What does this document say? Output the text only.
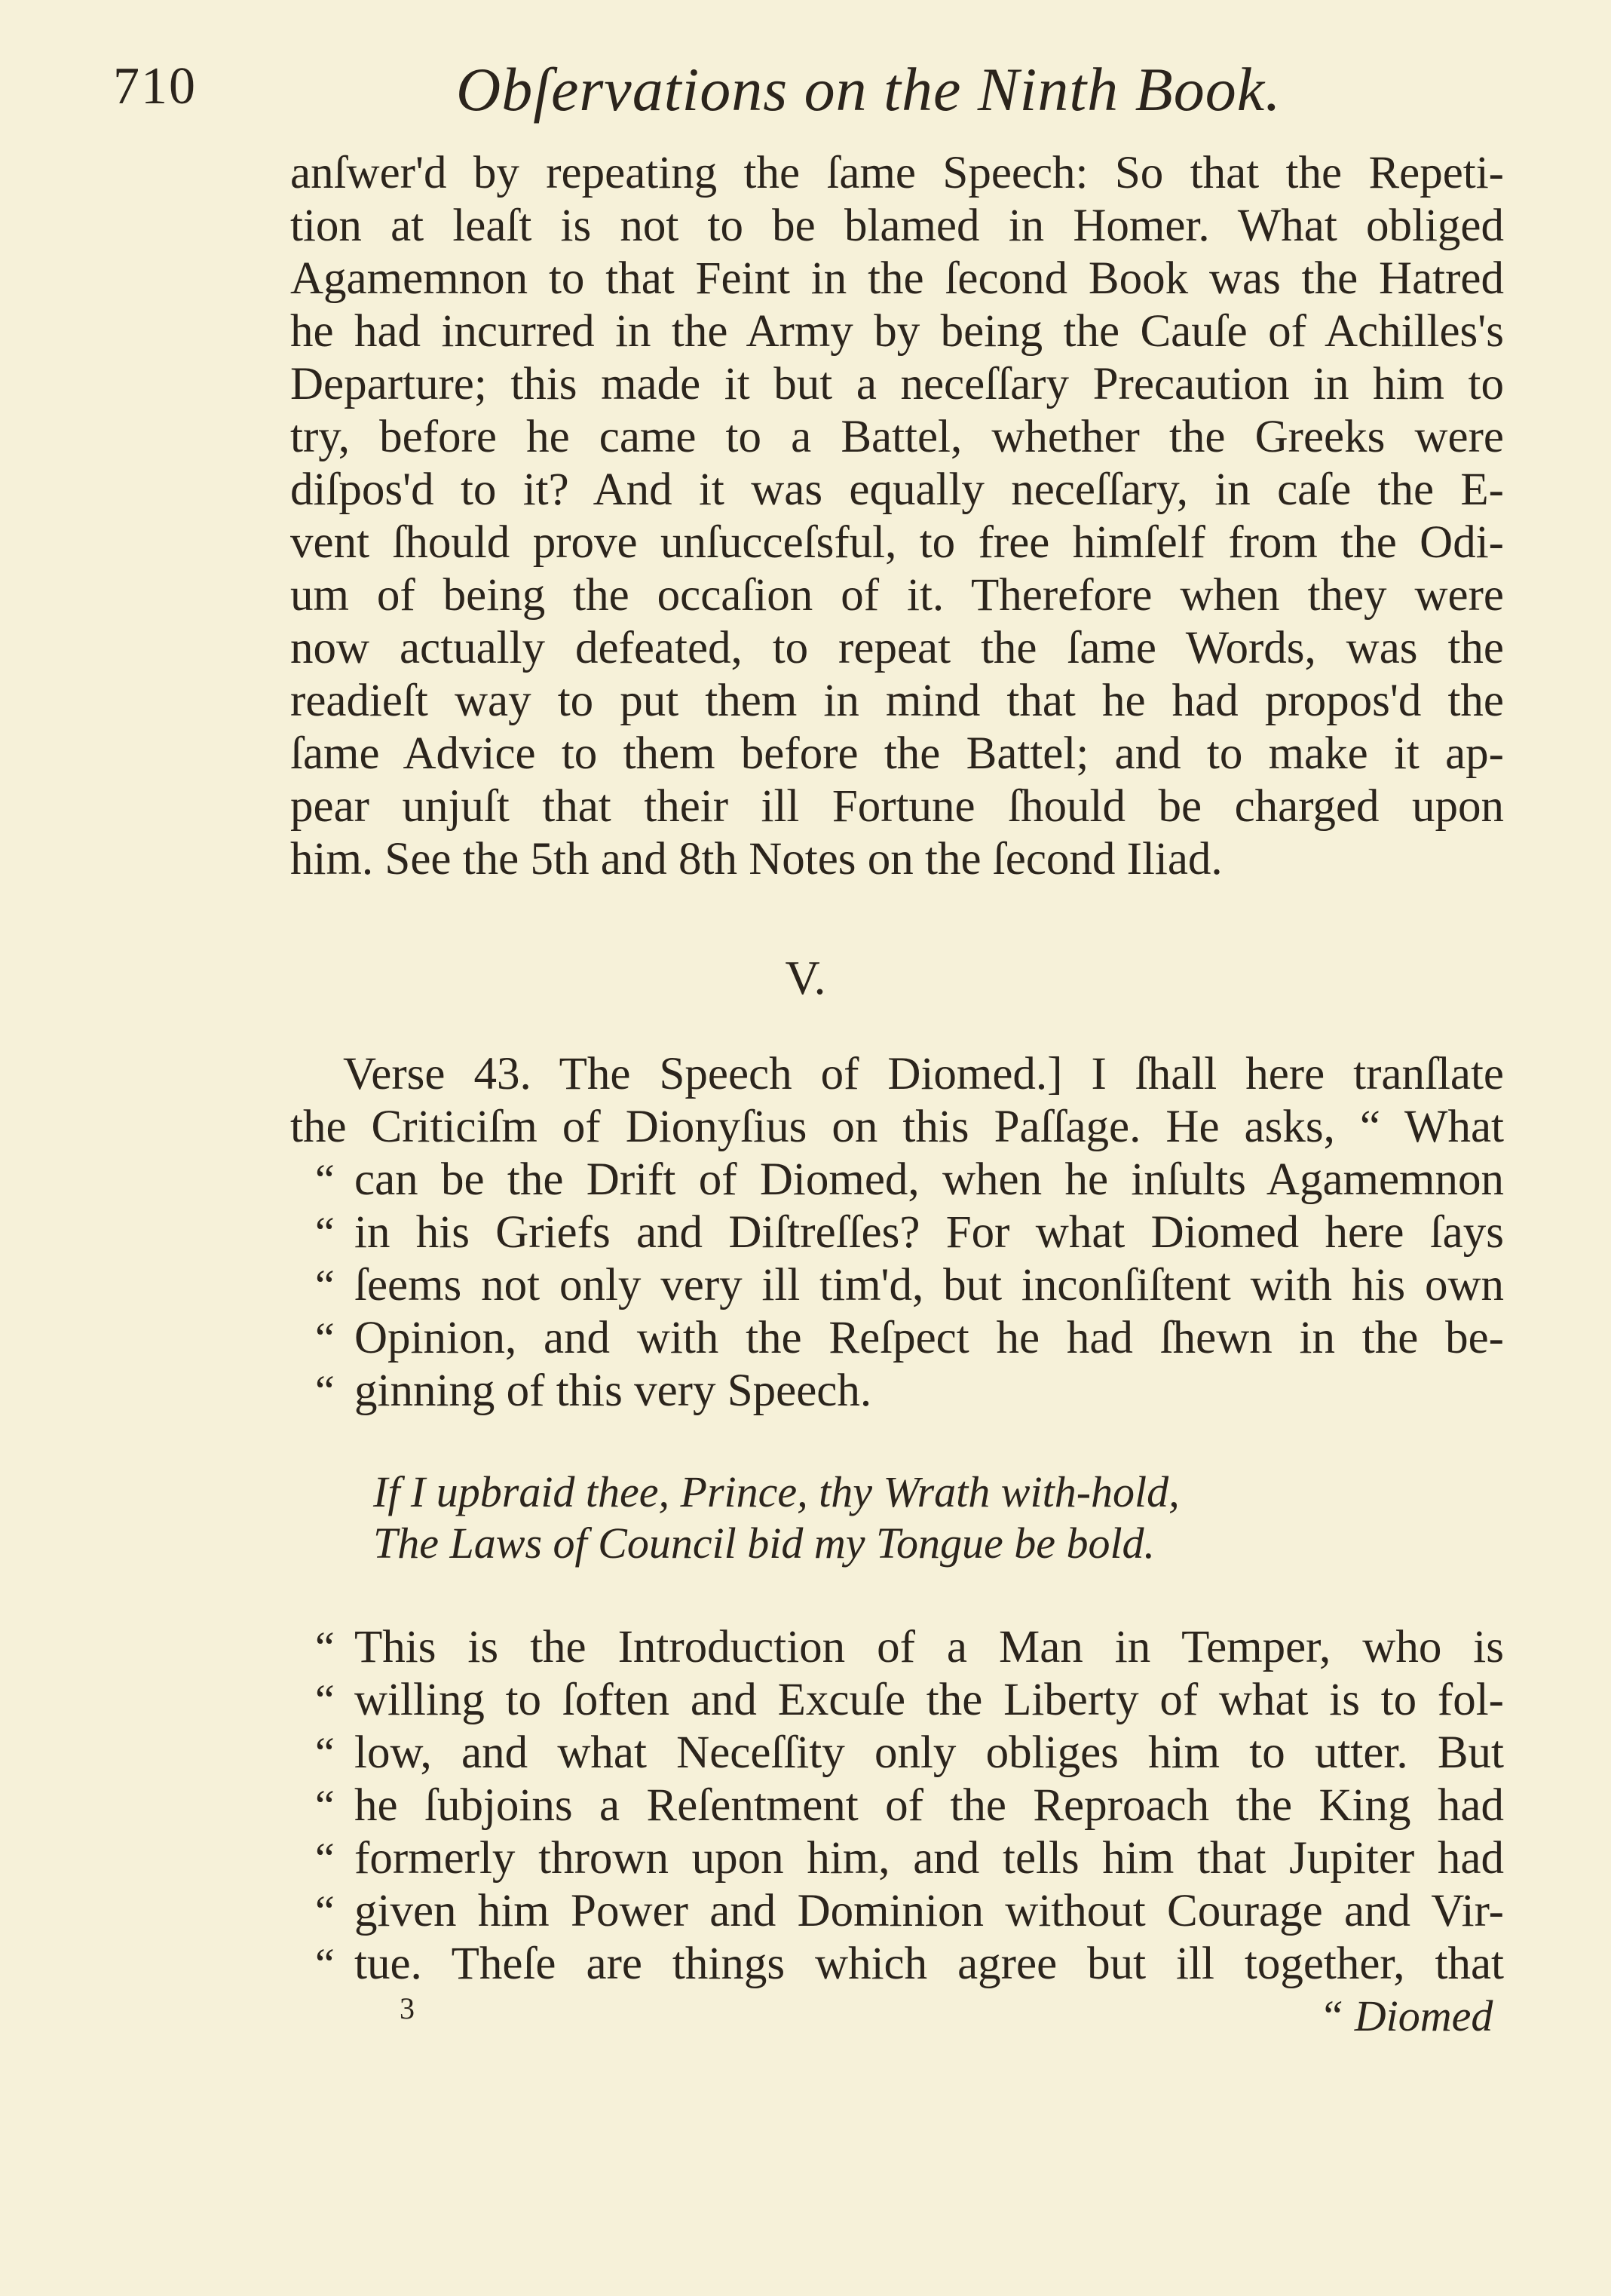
710	Obſervations on the Ninth Book.
anſwer'd by repeating the ſame Speech: So that the Repeti-
tion at leaſt is not to be blamed in Homer. What obliged
Agamemnon to that Feint in the ſecond Book was the Hatred
he had incurred in the Army by being the Cauſe of Achilles's
Departure; this made it but a neceſſary Precaution in him to
try, before he came to a Battel, whether the Greeks were
diſpos'd to it? And it was equally neceſſary, in caſe the E-
vent ſhould prove unſucceſsful, to free himſelf from the Odi-
um of being the occaſion of it. Therefore when they were
now actually defeated, to repeat the ſame Words, was the
readieſt way to put them in mind that he had propos'd the
ſame Advice to them before the Battel; and to make it ap-
pear unjuſt that their ill Fortune ſhould be charged upon
him. See the 5th and 8th Notes on the ſecond Iliad.
V.
Verse 43. The Speech of Diomed.] I ſhall here tranſlate
the Criticiſm of Dionyſius on this Paſſage. He asks, “ What
“ can be the Drift of Diomed, when he inſults Agamemnon
“ in his Griefs and Diſtreſſes? For what Diomed here ſays
“ ſeems not only very ill tim'd, but inconſiſtent with his own
“ Opinion, and with the Reſpect he had ſhewn in the be-
“ ginning of this very Speech.
If I upbraid thee, Prince, thy Wrath with-hold,
The Laws of Council bid my Tongue be bold.
“ This is the Introduction of a Man in Temper, who is
“ willing to ſoften and Excuſe the Liberty of what is to fol-
“ low, and what Neceſſity only obliges him to utter. But
“ he ſubjoins a Reſentment of the Reproach the King had
“ formerly thrown upon him, and tells him that Jupiter had
“ given him Power and Dominion without Courage and Vir-
“ tue. Theſe are things which agree but ill together, that
3	“ Diomed
